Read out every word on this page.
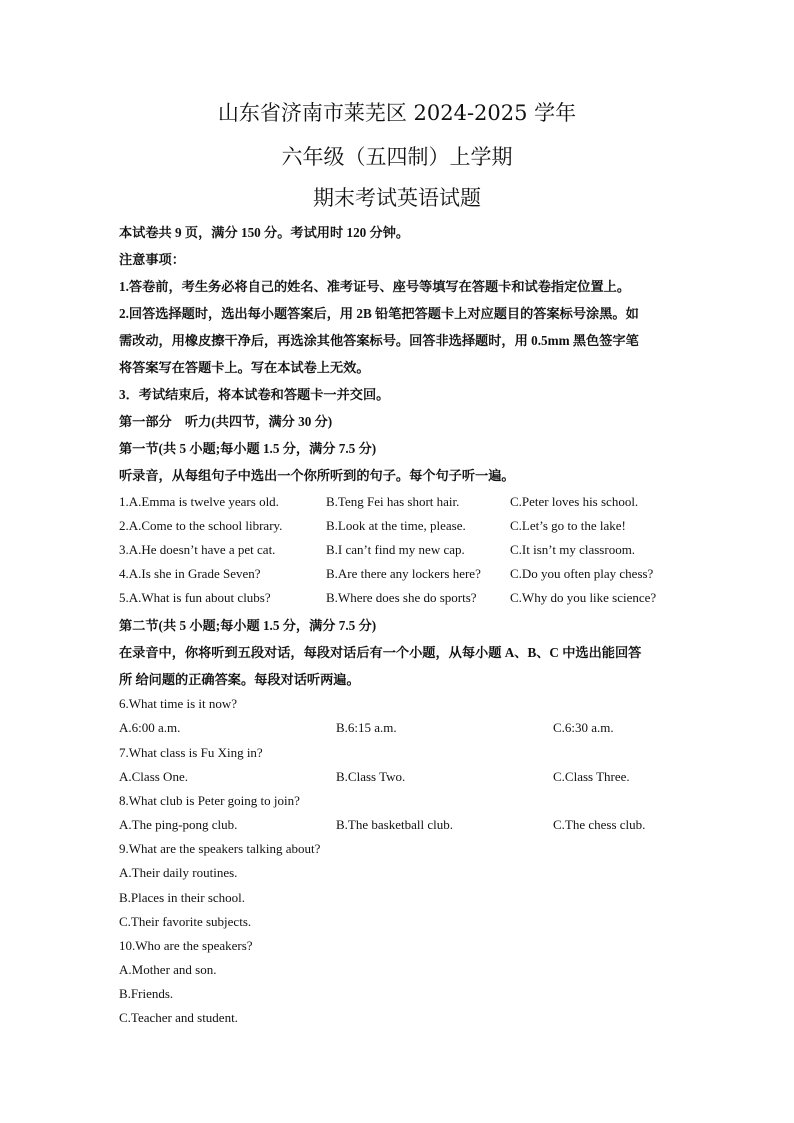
山东省济南市莱芜区 2024-2025 学年
六年级（五四制）上学期
期末考试英语试题
本试卷共 9 页，满分 150 分。考试用时 120 分钟。
注意事项：
1.答卷前，考生务必将自己的姓名、准考证号、座号等填写在答题卡和试卷指定位置上。
2.回答选择题时，选出每小题答案后，用 2B 铅笔把答题卡上对应题目的答案标号涂黑。如
需改动，用橡皮擦干净后，再选涂其他答案标号。回答非选择题时，用 0.5mm 黑色签字笔
将答案写在答题卡上。写在本试卷上无效。
3．考试结束后，将本试卷和答题卡一并交回。
第一部分　听力(共四节，满分 30 分)
第一节(共 5 小题;每小题 1.5 分，满分 7.5 分)
听录音，从每组句子中选出一个你所听到的句子。每个句子听一遍。
1.A.Emma is twelve years old.	B.Teng Fei has short hair.	C.Peter loves his school.
2.A.Come to the school library.	B.Look at the time, please.	C.Let’s go to the lake!
3.A.He doesn’t have a pet cat.	B.I can’t find my new cap.	C.It isn’t my classroom.
4.A.Is she in Grade Seven?	B.Are there any lockers here? C.Do you often play chess?
5.A.What is fun about clubs?	B.Where does she do sports?	C.Why do you like science?
第二节(共 5 小题;每小题 1.5 分，满分 7.5 分)
在录音中，你将听到五段对话，每段对话后有一个小题，从每小题 A、B、C 中选出能回答
所 给问题的正确答案。每段对话听两遍。
6.What time is it now?
A.6:00 a.m.	B.6:15 a.m.	C.6:30 a.m.
7.What class is Fu Xing in?
A.Class One.	B.Class Two.	C.Class Three.
8.What club is Peter going to join?
A.The ping-pong club.	B.The basketball club.	C.The chess club.
9.What are the speakers talking about?
A.Their daily routines.
B.Places in their school.
C.Their favorite subjects.
10.Who are the speakers?
A.Mother and son.
B.Friends.
C.Teacher and student.
